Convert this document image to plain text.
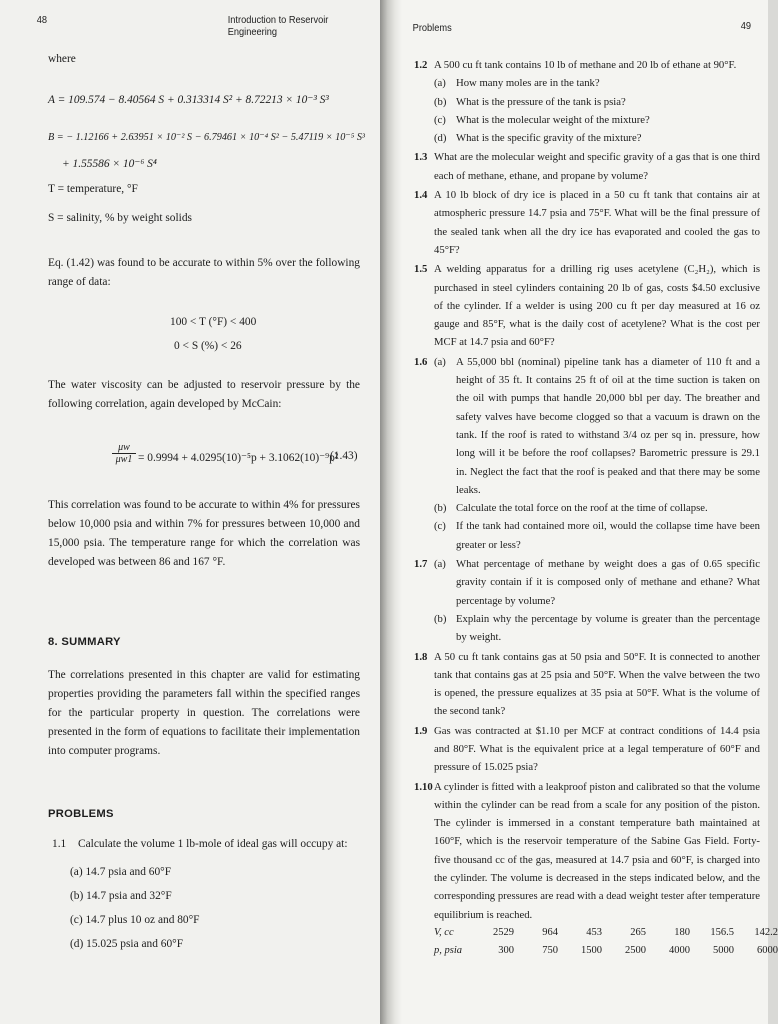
48	Introduction to Reservoir Engineering
where
A = 109.574 − 8.40564 S + 0.313314 S² + 8.72213 × 10⁻³ S³
B = − 1.12166 + 2.63951 × 10⁻² S − 6.79461 × 10⁻⁴ S² − 5.47119 × 10⁻⁵ S³
+ 1.55586 × 10⁻⁶ S⁴
T = temperature, °F
S = salinity, % by weight solids
Eq. (1.42) was found to be accurate to within 5% over the following range of data:
100 < T (°F) < 400
0 < S (%) < 26
The water viscosity can be adjusted to reservoir pressure by the following correlation, again developed by McCain:
$\frac{\mu w}{\mu w1} = 0.9994 + 4.0295(10)^{-5}p + 3.1062(10)^{-9}p^2$
(1.43)
This correlation was found to be accurate to within 4% for pressures below 10,000 psia and within 7% for pressures between 10,000 and 15,000 psia. The temperature range for which the correlation was developed was between 86 and 167 °F.
8. SUMMARY
The correlations presented in this chapter are valid for estimating properties providing the parameters fall within the specified ranges for the particular property in question. The correlations were presented in the form of equations to facilitate their implementation into computer programs.
PROBLEMS
1.1 Calculate the volume 1 lb-mole of ideal gas will occupy at:
(a) 14.7 psia and 60°F
(b) 14.7 psia and 32°F
(c) 14.7 plus 10 oz and 80°F
(d) 15.025 psia and 60°F
Problems	49
1.2 A 500 cu ft tank contains 10 lb of methane and 20 lb of ethane at 90°F.
(a) How many moles are in the tank?
(b) What is the pressure of the tank is psia?
(c) What is the molecular weight of the mixture?
(d) What is the specific gravity of the mixture?
1.3 What are the molecular weight and specific gravity of a gas that is one third each of methane, ethane, and propane by volume?
1.4 A 10 lb block of dry ice is placed in a 50 cu ft tank that contains air at atmospheric pressure 14.7 psia and 75°F. What will be the final pressure of the sealed tank when all the dry ice has evaporated and cooled the gas to 45°F?
1.5 A welding apparatus for a drilling rig uses acetylene (C₂H₂), which is purchased in steel cylinders containing 20 lb of gas, costs $4.50 exclusive of the cylinder. If a welder is using 200 cu ft per day measured at 16 oz gauge and 85°F, what is the daily cost of acetylene? What is the cost per MCF at 14.7 psia and 60°F?
1.6 (a) A 55,000 bbl (nominal) pipeline tank has a diameter of 110 ft and a height of 35 ft. It contains 25 ft of oil at the time suction is taken on the oil with pumps that handle 20,000 bbl per day. The breather and safety valves have become clogged so that a vacuum is drawn on the tank. If the roof is rated to withstand 3/4 oz per sq in. pressure, how long will it be before the roof collapses? Barometric pressure is 29.1 in. Neglect the fact that the roof is peaked and that there may be some leaks.
(b) Calculate the total force on the roof at the time of collapse.
(c) If the tank had contained more oil, would the collapse time have been greater or less?
1.7 (a) What percentage of methane by weight does a gas of 0.65 specific gravity contain if it is composed only of methane and ethane? What percentage by volume?
(b) Explain why the percentage by volume is greater than the percentage by weight.
1.8 A 50 cu ft tank contains gas at 50 psia and 50°F. It is connected to another tank that contains gas at 25 psia and 50°F. When the valve between the two is opened, the pressure equalizes at 35 psia at 50°F. What is the volume of the second tank?
1.9 Gas was contracted at $1.10 per MCF at contract conditions of 14.4 psia and 80°F. What is the equivalent price at a legal temperature of 60°F and pressure of 15.025 psia?
1.10 A cylinder is fitted with a leakproof piston and calibrated so that the volume within the cylinder can be read from a scale for any position of the piston. The cylinder is immersed in a constant temperature bath maintained at 160°F, which is the reservoir temperature of the Sabine Gas Field. Forty-five thousand cc of the gas, measured at 14.7 psia and 60°F, is charged into the cylinder. The volume is decreased in the steps indicated below, and the corresponding pressures are read with a dead weight tester after temperature equilibrium is reached.
V, cc	2529	964	453	265	180	156.5	142.2
p, psia	300	750	1500	2500	4000	5000	6000
